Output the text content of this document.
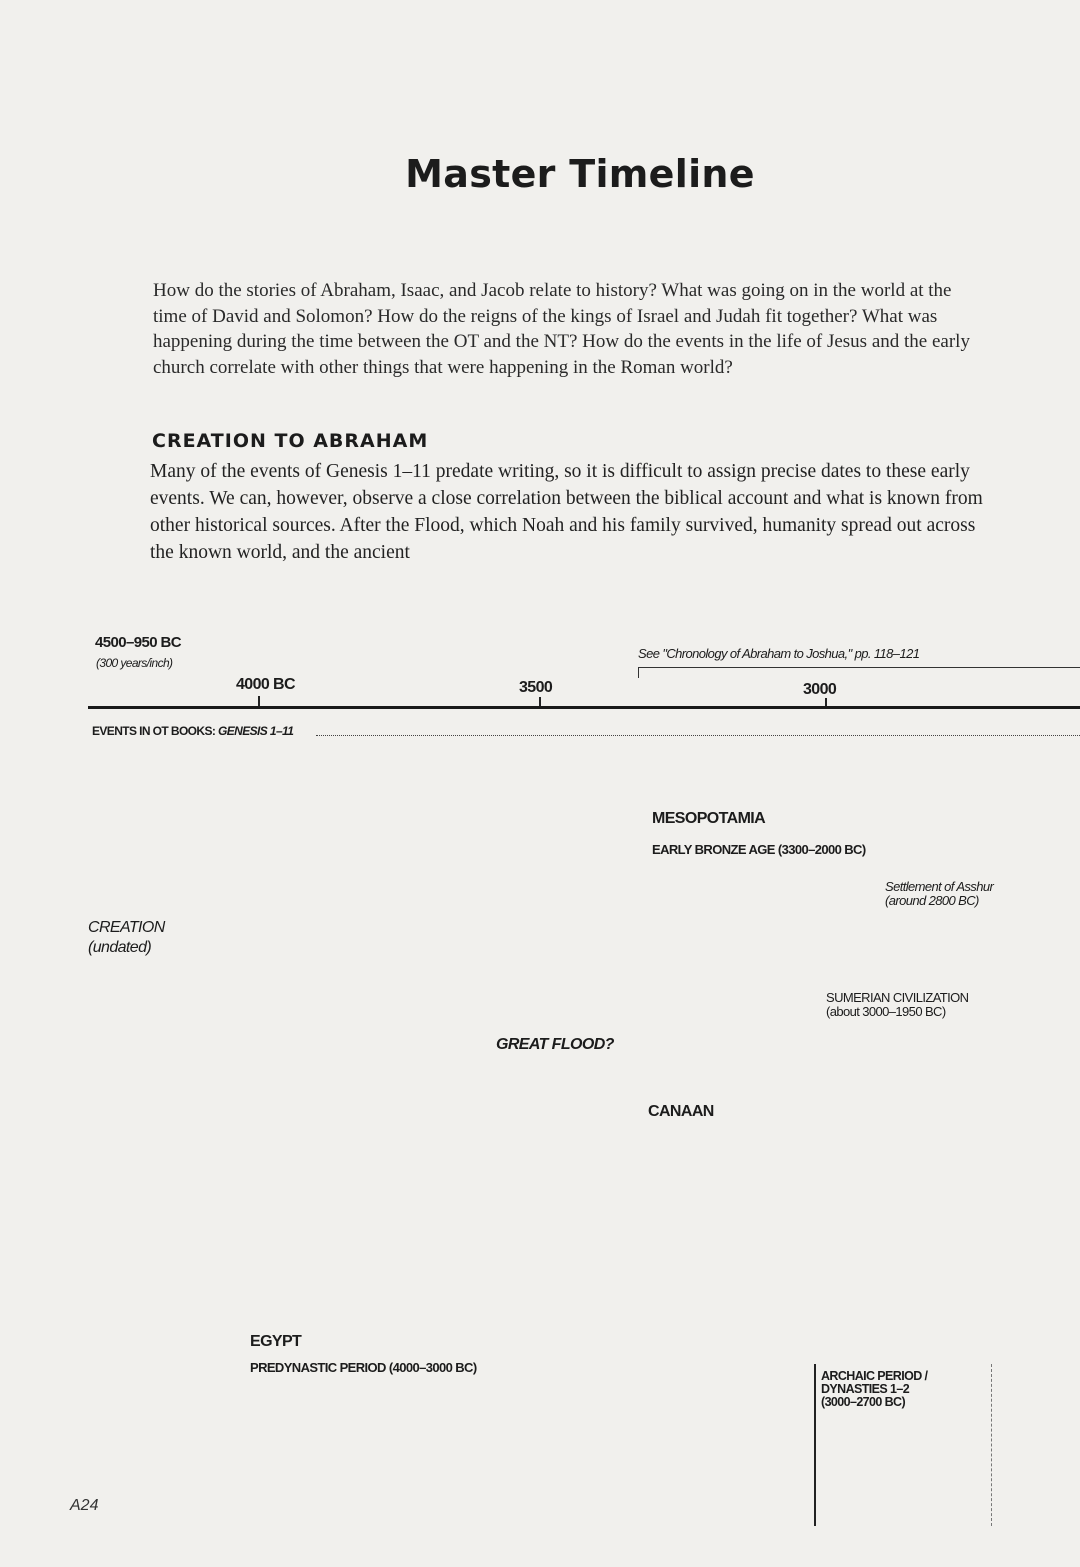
Master Timeline

How do the stories of Abraham, Isaac, and Jacob relate to history? What was going on in the world at the time of David and Solomon? How do the reigns of the kings of Israel and Judah fit together? What was happening during the time between the OT and the NT? How do the events in the life of Jesus and the early church correlate with other things that were happening in the Roman world?

CREATION TO ABRAHAM

Many of the events of Genesis 1–11 predate writing, so it is difficult to assign precise dates to these early events. We can, however, observe a close correlation between the biblical account and what is known from other historical sources. After the Flood, which Noah and his family survived, humanity spread out across the known world, and the ancient

4500–950 BC
(300 years/inch)
See "Chronology of Abraham to Joshua," pp. 118–121
4000 BC	3500	3000
EVENTS IN OT BOOKS: GENESIS 1–11
MESOPOTAMIA
EARLY BRONZE AGE (3300–2000 BC)
Settlement of Asshur
(around 2800 BC)
SUMERIAN CIVILIZATION
(about 3000–1950 BC)
CREATION
(undated)
GREAT FLOOD?
CANAAN
EGYPT
PREDYNASTIC PERIOD (4000–3000 BC)
ARCHAIC PERIOD /
DYNASTIES 1–2
(3000–2700 BC)
A24
